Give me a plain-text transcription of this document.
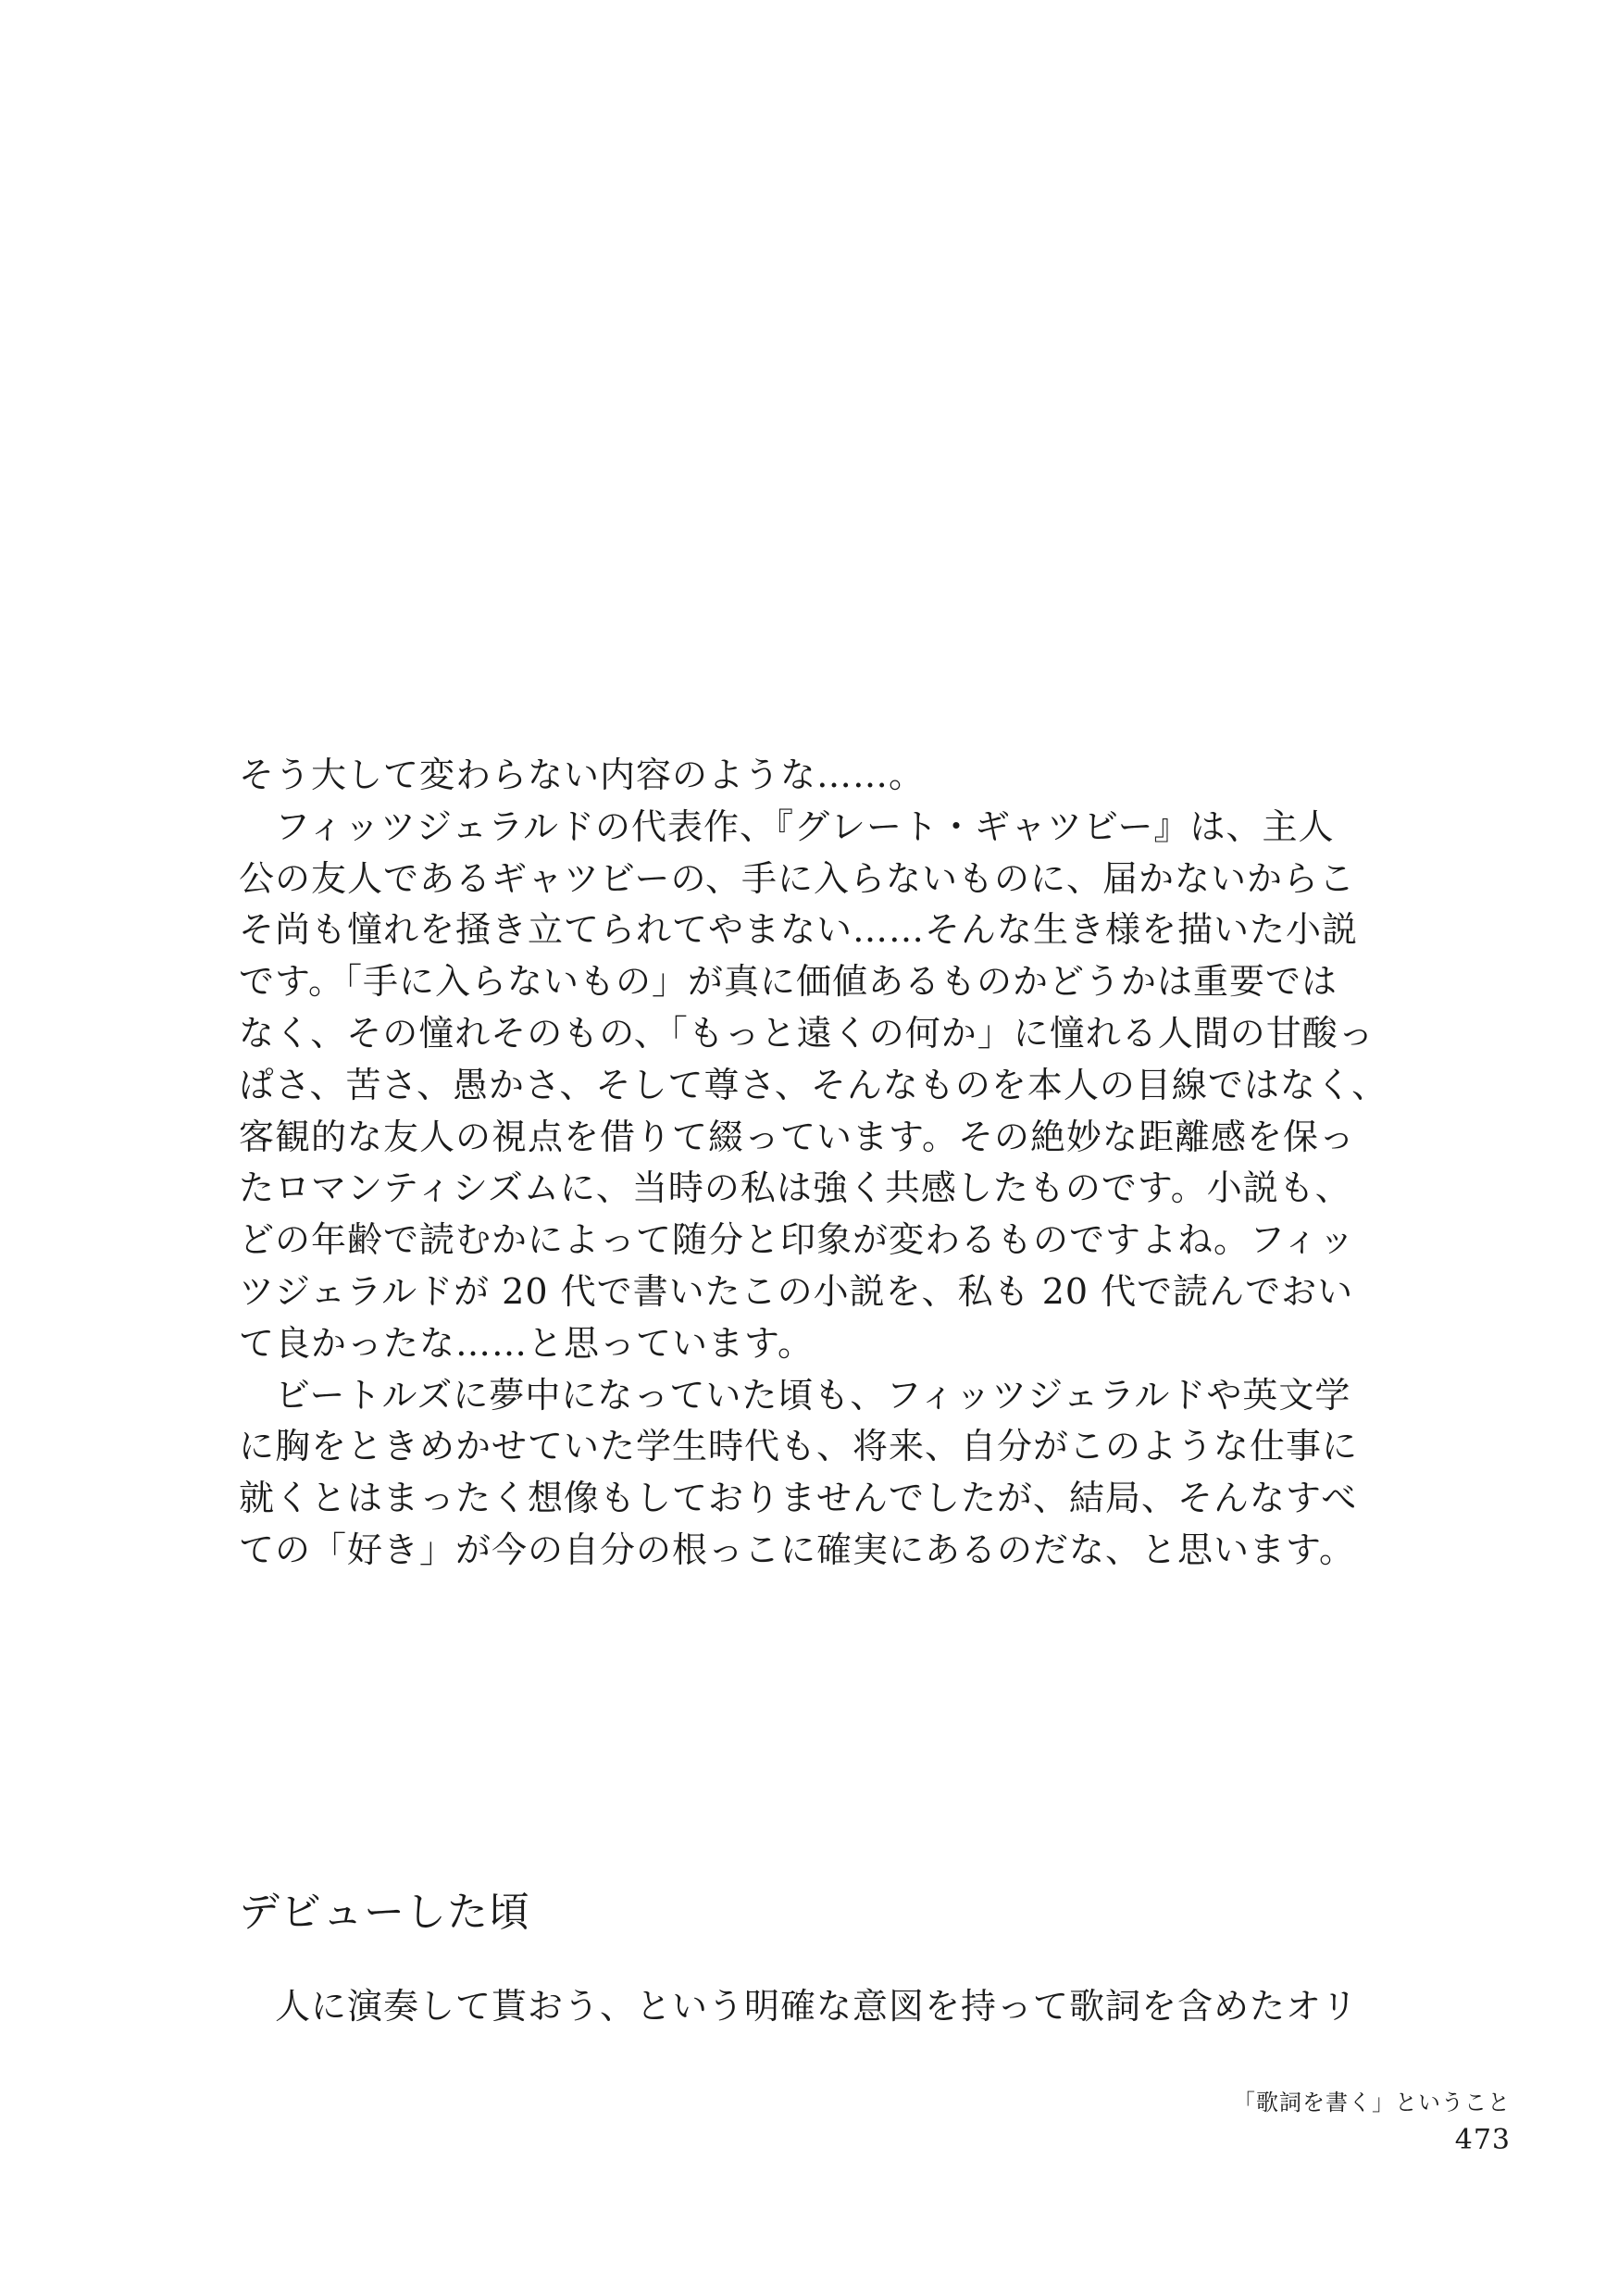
そう大して変わらない内容のような……。
　フィッツジェラルドの代表作、『グレート・ギャツビー』は、主人
公の友人であるギャツビーの、手に入らないものに、届かないからこ
そ尚も憧れを掻き立てられてやまない……そんな生き様を描いた小説
です。「手に入らないもの」が真に価値あるものかどうかは重要では
なく、その憧れそのもの、「もっと遠くの何か」に憧れる人間の甘酸っ
ぱさ、苦さ、愚かさ、そして尊さ、そんなものを本人の目線ではなく、
客観的な友人の視点を借りて綴っています。その絶妙な距離感を保っ
たロマンティシズムに、当時の私は強く共感したものです。小説も、
どの年齢で読むかによって随分と印象が変わるものですよね。フィッ
ツジェラルドが 20 代で書いたこの小説を、私も 20 代で読んでおい
て良かったな……と思っています。
　ビートルズに夢中になっていた頃も、フィッツジェラルドや英文学
に胸をときめかせていた学生時代も、将来、自分がこのような仕事に
就くとはまったく想像もしておりませんでしたが、結局、そんなすべ
ての「好き」が今の自分の根っこに確実にあるのだな、と思います。
デビューした頃
　人に演奏して貰おう、という明確な意図を持って歌詞を含めたオリ
「歌詞を書く」ということ
473
